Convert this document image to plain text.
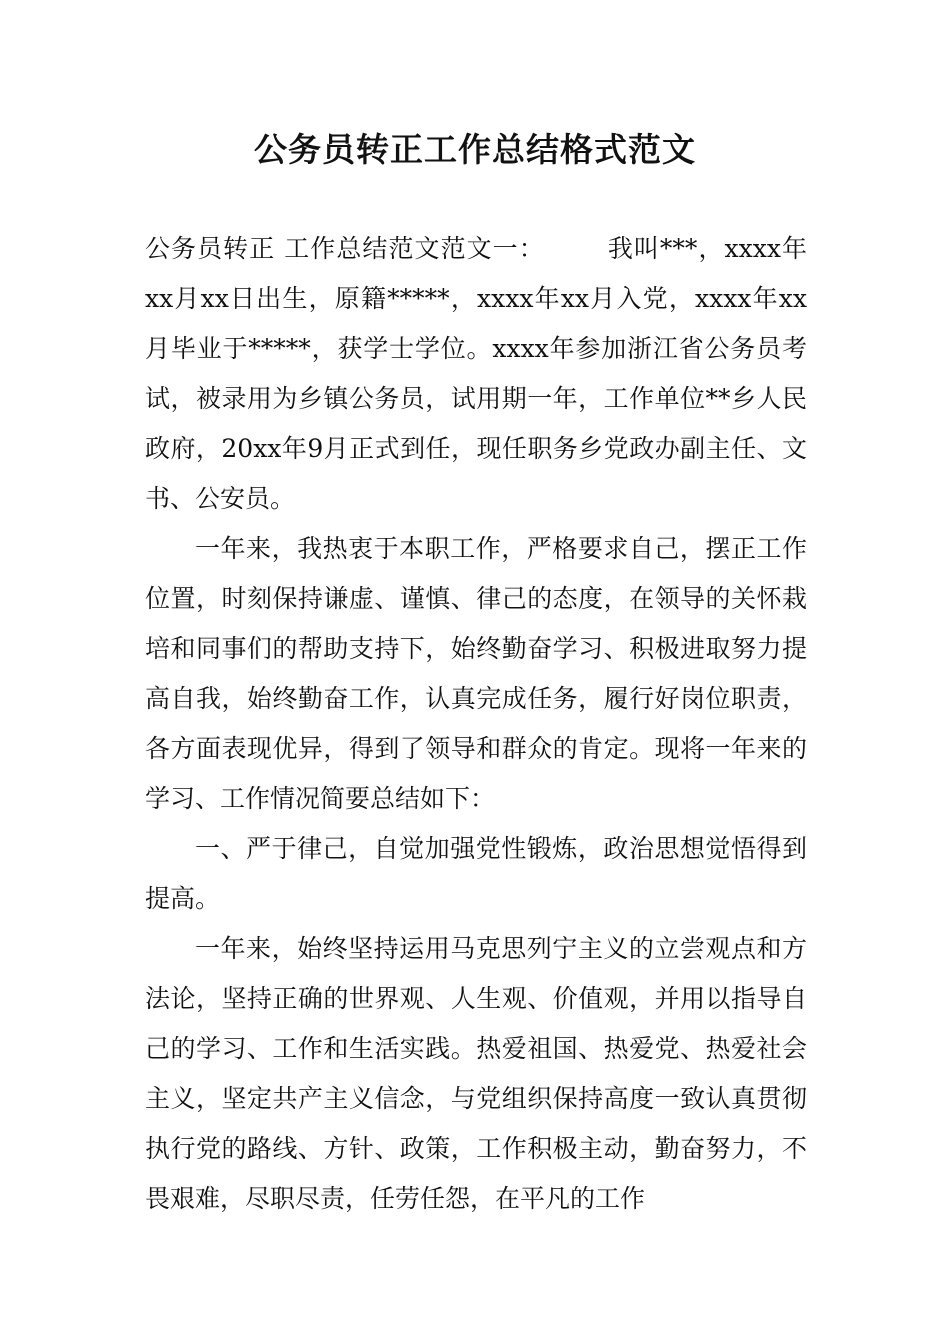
公务员转正工作总结格式范文

公务员转正 工作总结范文范文一： 我叫***，xxxx年xx月xx日出生，原籍*****，xxxx年xx月入党，xxxx年xx月毕业于*****，获学士学位。xxxx年参加浙江省公务员考试，被录用为乡镇公务员，试用期一年，工作单位**乡人民政府，20xx年9月正式到任，现任职务乡党政办副主任、文书、公安员。

一年来，我热衷于本职工作，严格要求自己，摆正工作位置，时刻保持谦虚、谨慎、律己的态度，在领导的关怀栽培和同事们的帮助支持下，始终勤奋学习、积极进取努力提高自我，始终勤奋工作，认真完成任务，履行好岗位职责，各方面表现优异，得到了领导和群众的肯定。现将一年来的学习、工作情况简要总结如下：

一、严于律己，自觉加强党性锻炼，政治思想觉悟得到提高。

一年来，始终坚持运用马克思列宁主义的立尝观点和方法论，坚持正确的世界观、人生观、价值观，并用以指导自己的学习、工作和生活实践。热爱祖国、热爱党、热爱社会主义，坚定共产主义信念，与党组织保持高度一致认真贯彻执行党的路线、方针、政策，工作积极主动，勤奋努力，不畏艰难，尽职尽责，任劳任怨，在平凡的工作
